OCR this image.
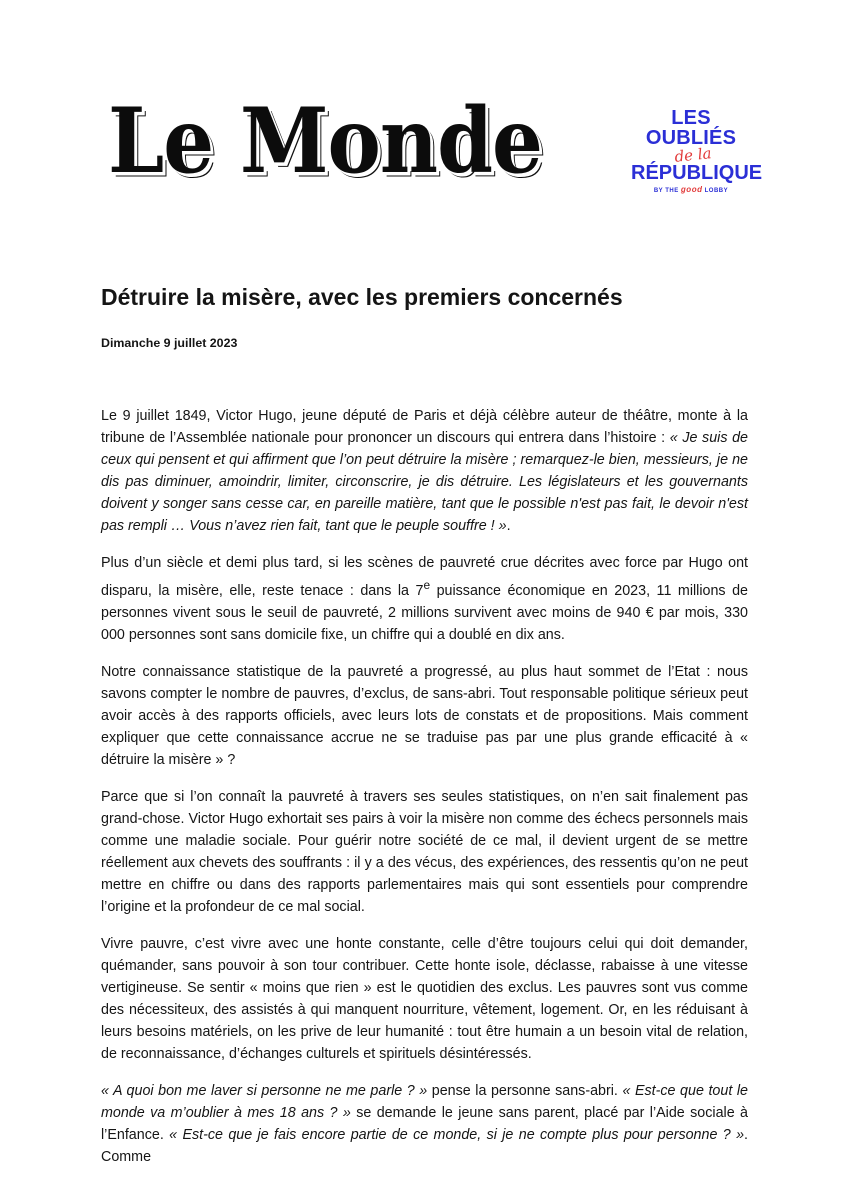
Le Monde	LES OUBLIÉS
de la
RÉPUBLIQUE
BY THE good LOBBY
Détruire la misère, avec les premiers concernés
Dimanche 9 juillet 2023

Le 9 juillet 1849, Victor Hugo, jeune député de Paris et déjà célèbre auteur de théâtre, monte à la tribune de l’Assemblée nationale pour prononcer un discours qui entrera dans l’histoire : « Je suis de ceux qui pensent et qui affirment que l’on peut détruire la misère ; remarquez-le bien, messieurs, je ne dis pas diminuer, amoindrir, limiter, circonscrire, je dis détruire. Les législateurs et les gouvernants doivent y songer sans cesse car, en pareille matière, tant que le possible n'est pas fait, le devoir n'est pas rempli … Vous n’avez rien fait, tant que le peuple souffre ! ».

Plus d’un siècle et demi plus tard, si les scènes de pauvreté crue décrites avec force par Hugo ont disparu, la misère, elle, reste tenace : dans la 7e puissance économique en 2023, 11 millions de personnes vivent sous le seuil de pauvreté, 2 millions survivent avec moins de 940 € par mois, 330 000 personnes sont sans domicile fixe, un chiffre qui a doublé en dix ans.

Notre connaissance statistique de la pauvreté a progressé, au plus haut sommet de l’Etat : nous savons compter le nombre de pauvres, d’exclus, de sans-abri. Tout responsable politique sérieux peut avoir accès à des rapports officiels, avec leurs lots de constats et de propositions. Mais comment expliquer que cette connaissance accrue ne se traduise pas par une plus grande efficacité à « détruire la misère » ?

Parce que si l’on connaît la pauvreté à travers ses seules statistiques, on n’en sait finalement pas grand-chose. Victor Hugo exhortait ses pairs à voir la misère non comme des échecs personnels mais comme une maladie sociale. Pour guérir notre société de ce mal, il devient urgent de se mettre réellement aux chevets des souffrants : il y a des vécus, des expériences, des ressentis qu’on ne peut mettre en chiffre ou dans des rapports parlementaires mais qui sont essentiels pour comprendre l’origine et la profondeur de ce mal social.

Vivre pauvre, c’est vivre avec une honte constante, celle d’être toujours celui qui doit demander, quémander, sans pouvoir à son tour contribuer. Cette honte isole, déclasse, rabaisse à une vitesse vertigineuse. Se sentir « moins que rien » est le quotidien des exclus. Les pauvres sont vus comme des nécessiteux, des assistés à qui manquent nourriture, vêtement, logement. Or, en les réduisant à leurs besoins matériels, on les prive de leur humanité : tout être humain a un besoin vital de relation, de reconnaissance, d’échanges culturels et spirituels désintéressés.

« A quoi bon me laver si personne ne me parle ? » pense la personne sans-abri. « Est-ce que tout le monde va m’oublier à mes 18 ans ? » se demande le jeune sans parent, placé par l’Aide sociale à l’Enfance. « Est-ce que je fais encore partie de ce monde, si je ne compte plus pour personne ? ». Comme
